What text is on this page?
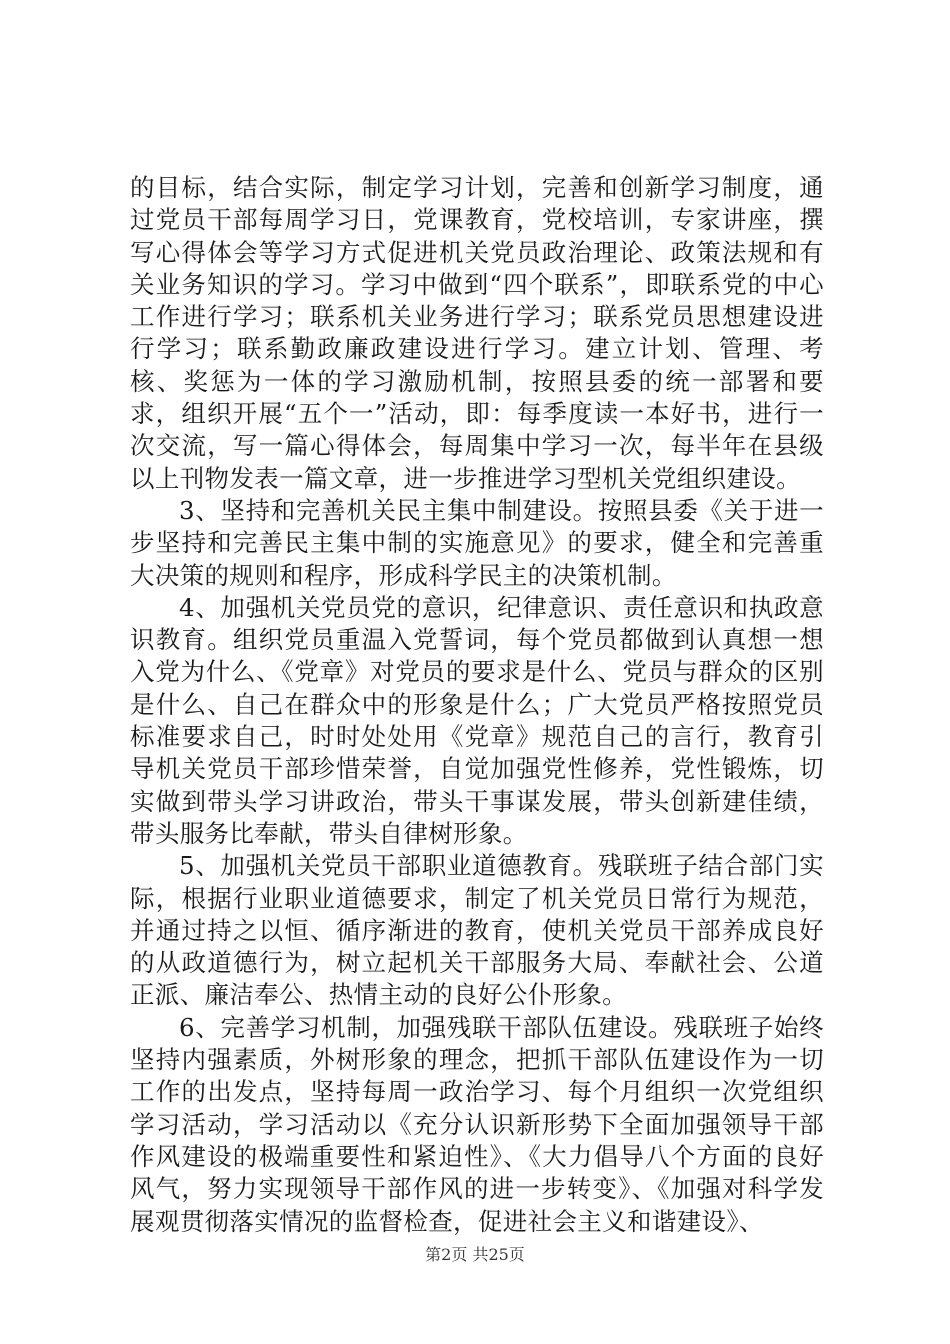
的目标，结合实际，制定学习计划，完善和创新学习制度，通过党员干部每周学习日，党课教育，党校培训，专家讲座，撰写心得体会等学习方式促进机关党员政治理论、政策法规和有关业务知识的学习。学习中做到“四个联系”，即联系党的中心工作进行学习；联系机关业务进行学习；联系党员思想建设进行学习；联系勤政廉政建设进行学习。建立计划、管理、考核、奖惩为一体的学习激励机制，按照县委的统一部署和要求，组织开展“五个一”活动，即：每季度读一本好书，进行一次交流，写一篇心得体会，每周集中学习一次，每半年在县级以上刊物发表一篇文章，进一步推进学习型机关党组织建设。

3、坚持和完善机关民主集中制建设。按照县委《关于进一步坚持和完善民主集中制的实施意见》的要求，健全和完善重大决策的规则和程序，形成科学民主的决策机制。

4、加强机关党员党的意识，纪律意识、责任意识和执政意识教育。组织党员重温入党誓词，每个党员都做到认真想一想入党为什么、《党章》对党员的要求是什么、党员与群众的区别是什么、自己在群众中的形象是什么；广大党员严格按照党员标准要求自己，时时处处用《党章》规范自己的言行，教育引导机关党员干部珍惜荣誉，自觉加强党性修养，党性锻炼，切实做到带头学习讲政治，带头干事谋发展，带头创新建佳绩，带头服务比奉献，带头自律树形象。

5、加强机关党员干部职业道德教育。残联班子结合部门实际，根据行业职业道德要求，制定了机关党员日常行为规范，并通过持之以恒、循序渐进的教育，使机关党员干部养成良好的从政道德行为，树立起机关干部服务大局、奉献社会、公道正派、廉洁奉公、热情主动的良好公仆形象。

6、完善学习机制，加强残联干部队伍建设。残联班子始终坚持内强素质，外树形象的理念，把抓干部队伍建设作为一切工作的出发点，坚持每周一政治学习、每个月组织一次党组织学习活动，学习活动以《充分认识新形势下全面加强领导干部作风建设的极端重要性和紧迫性》、《大力倡导八个方面的良好风气，努力实现领导干部作风的进一步转变》、《加强对科学发展观贯彻落实情况的监督检查，促进社会主义和谐建设》、

第2页 共25页
